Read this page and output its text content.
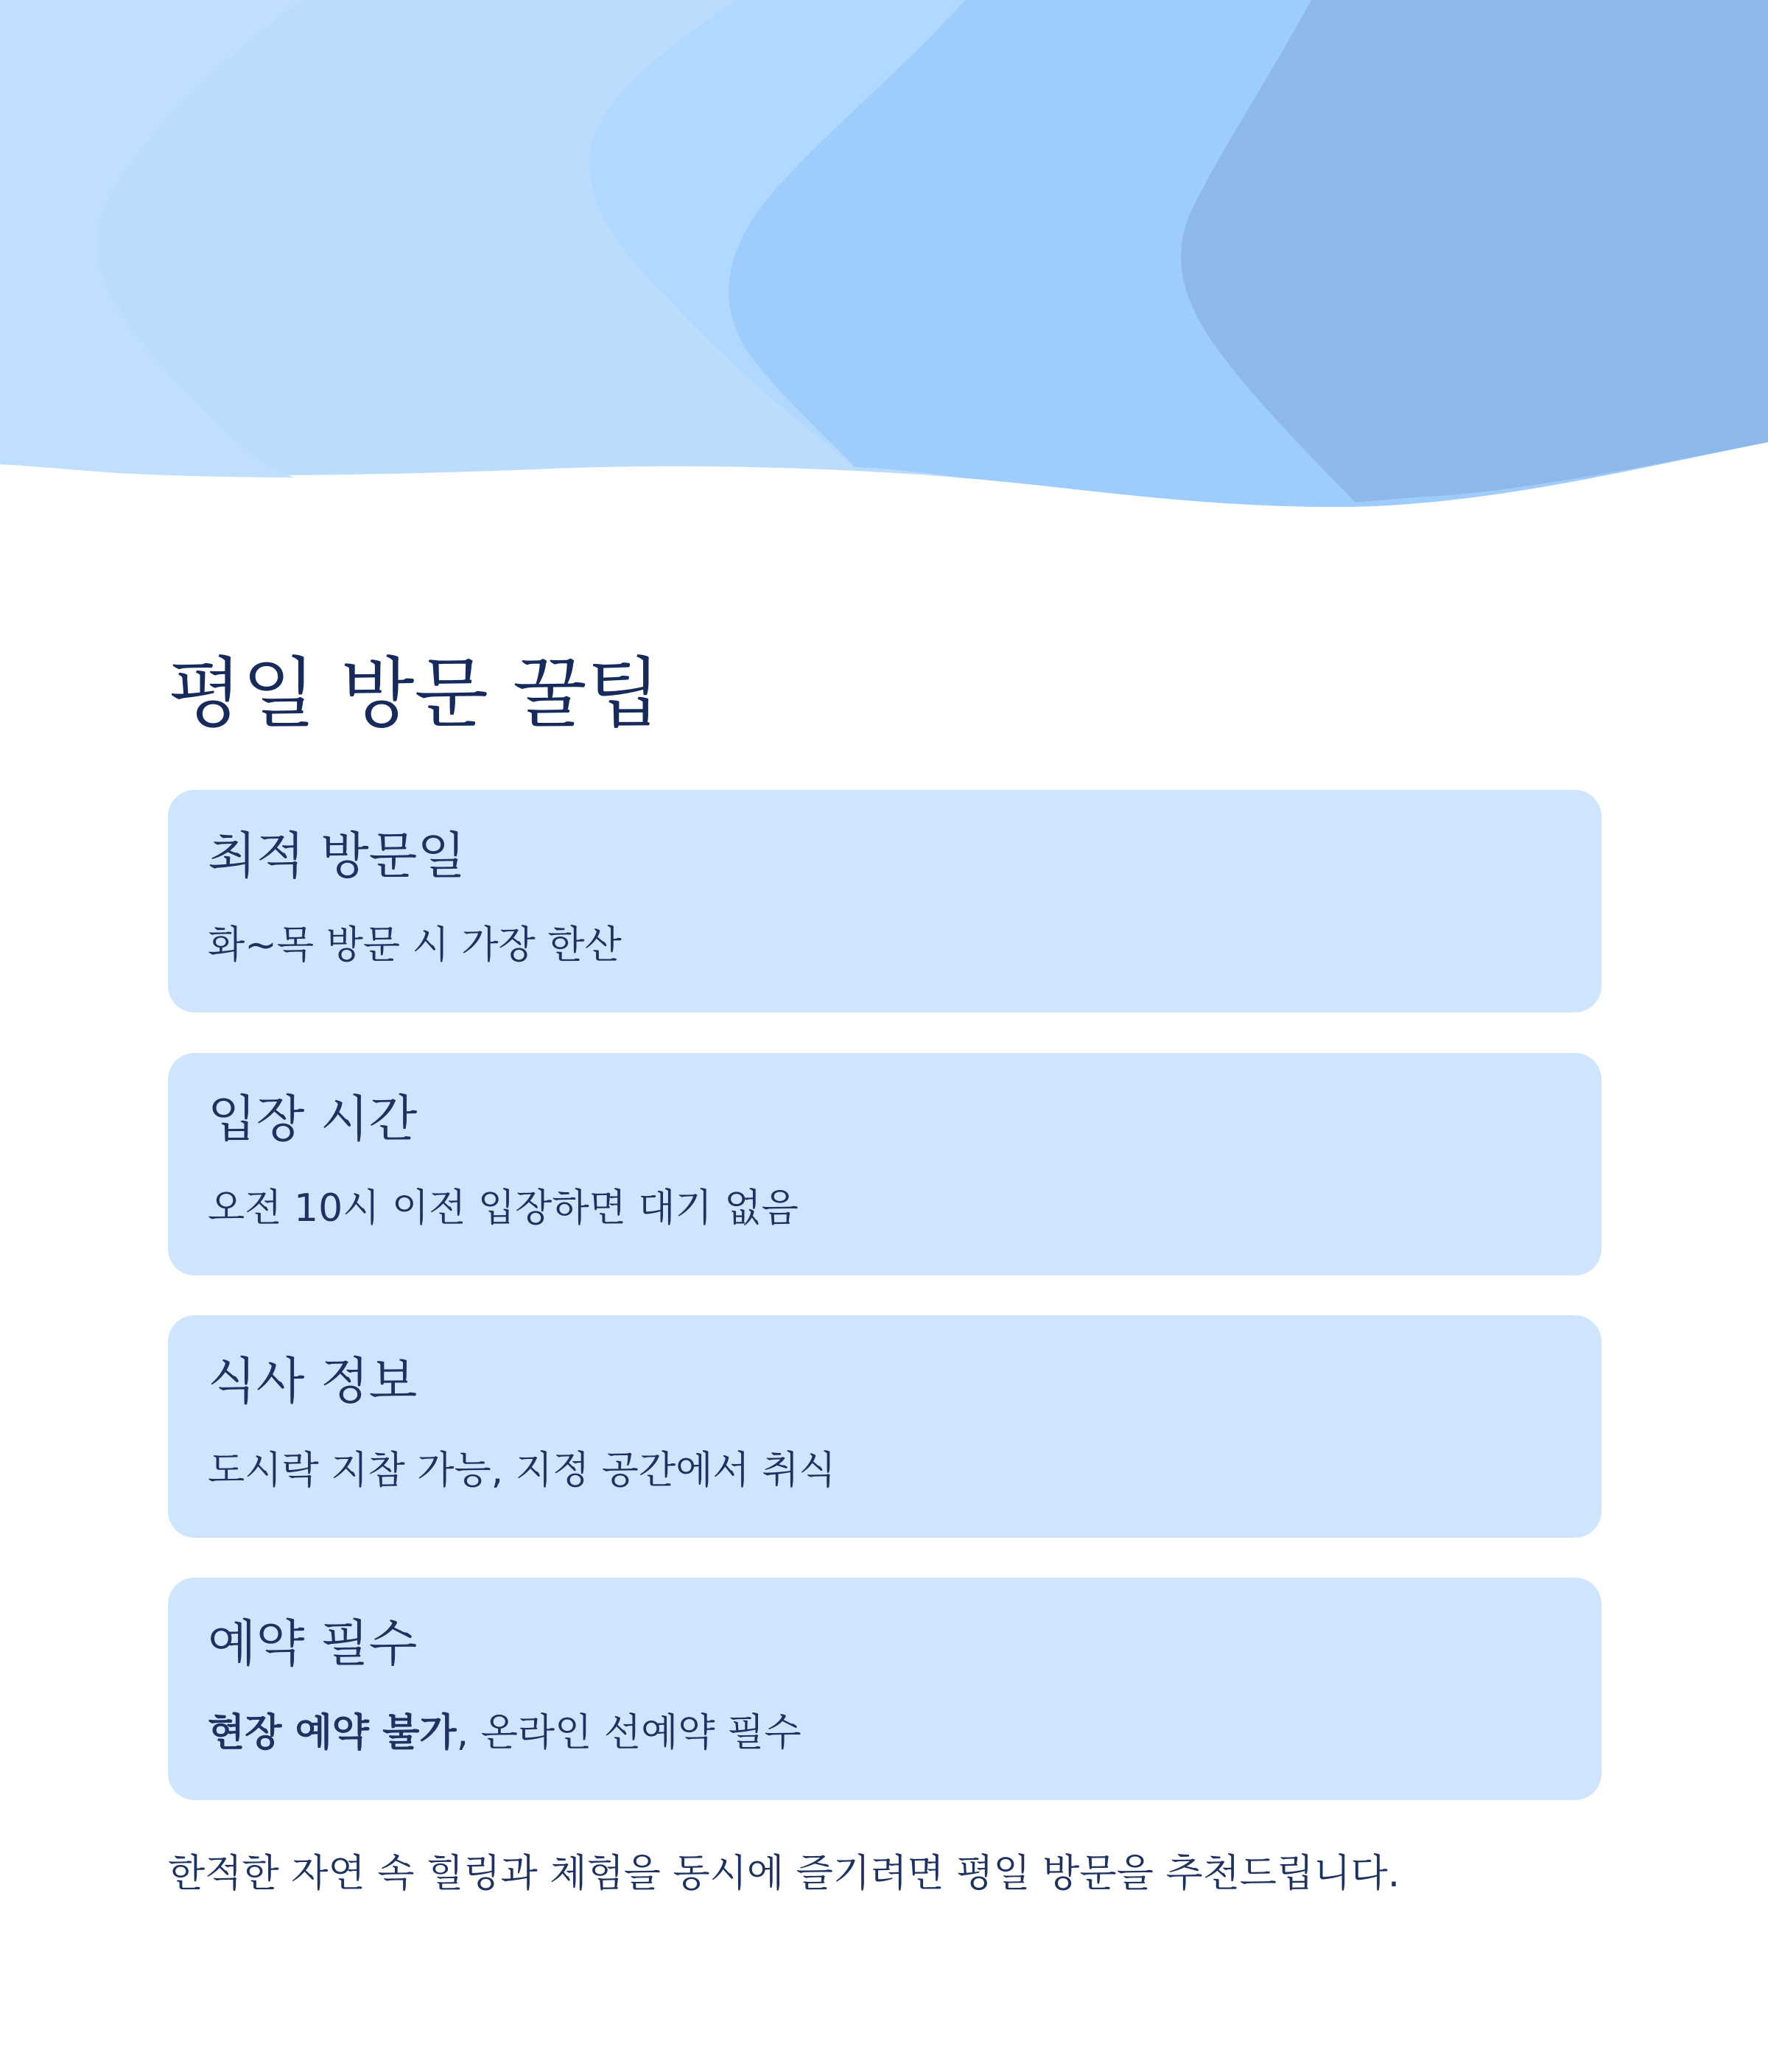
평일 방문 꿀팁
최적 방문일
화~목 방문 시 가장 한산
입장 시간
오전 10시 이전 입장하면 대기 없음
식사 정보
도시락 지참 가능, 지정 공간에서 취식
예약 필수
현장 예약 불가, 온라인 선예약 필수
한적한 자연 속 힐링과 체험을 동시에 즐기려면 평일 방문을 추천드립니다.
